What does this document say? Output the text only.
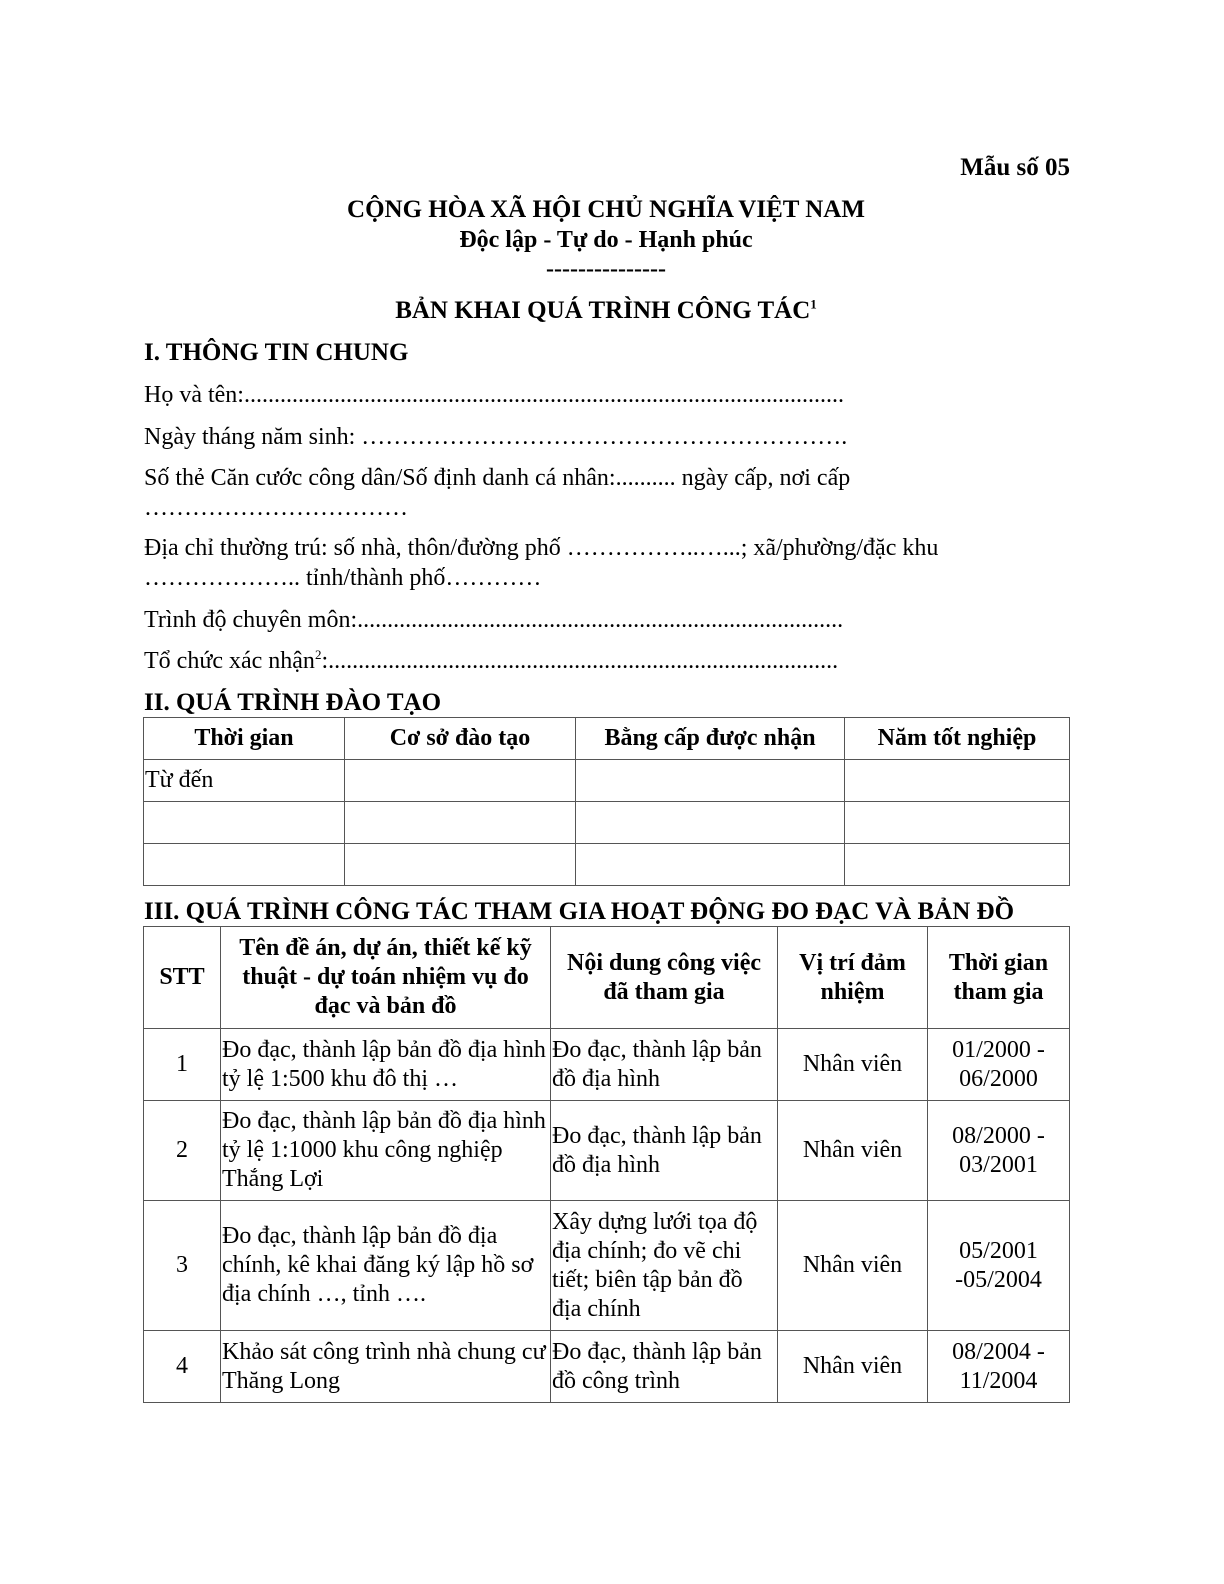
Mẫu số 05
CỘNG HÒA XÃ HỘI CHỦ NGHĨA VIỆT NAM
Độc lập - Tự do - Hạnh phúc
---------------
BẢN KHAI QUÁ TRÌNH CÔNG TÁC$^1$
I. THÔNG TIN CHUNG
Họ và tên:....................................................................................................
Ngày tháng năm sinh: …………………………………………………….
Số thẻ Căn cước công dân/Số định danh cá nhân:.......... ngày cấp, nơi cấp
……………………………
Địa chỉ thường trú: số nhà, thôn/đường phố ……………..…...; xã/phường/đặc khu
……………….. tỉnh/thành phố…………
Trình độ chuyên môn:.................................................................................
Tổ chức xác nhận$^2$:.....................................................................................
II. QUÁ TRÌNH ĐÀO TẠO
Thời gian	Cơ sở đào tạo	Bằng cấp được nhận	Năm tốt nghiệp
Từ đến			

III. QUÁ TRÌNH CÔNG TÁC THAM GIA HOẠT ĐỘNG ĐO ĐẠC VÀ BẢN ĐỒ
STT	Tên đề án, dự án, thiết kế kỹ thuật - dự toán nhiệm vụ đo đạc và bản đồ	Nội dung công việc đã tham gia	Vị trí đảm nhiệm	Thời gian tham gia
1	Đo đạc, thành lập bản đồ địa hình tỷ lệ 1:500 khu đô thị …	Đo đạc, thành lập bản đồ địa hình	Nhân viên	01/2000 - 06/2000
2	Đo đạc, thành lập bản đồ địa hình tỷ lệ 1:1000 khu công nghiệp Thắng Lợi	Đo đạc, thành lập bản đồ địa hình	Nhân viên	08/2000 - 03/2001
3	Đo đạc, thành lập bản đồ địa chính, kê khai đăng ký lập hồ sơ địa chính …, tỉnh ….	Xây dựng lưới tọa độ địa chính; đo vẽ chi tiết; biên tập bản đồ địa chính	Nhân viên	05/2001 -05/2004
4	Khảo sát công trình nhà chung cư Thăng Long	Đo đạc, thành lập bản đồ công trình	Nhân viên	08/2004 - 11/2004
